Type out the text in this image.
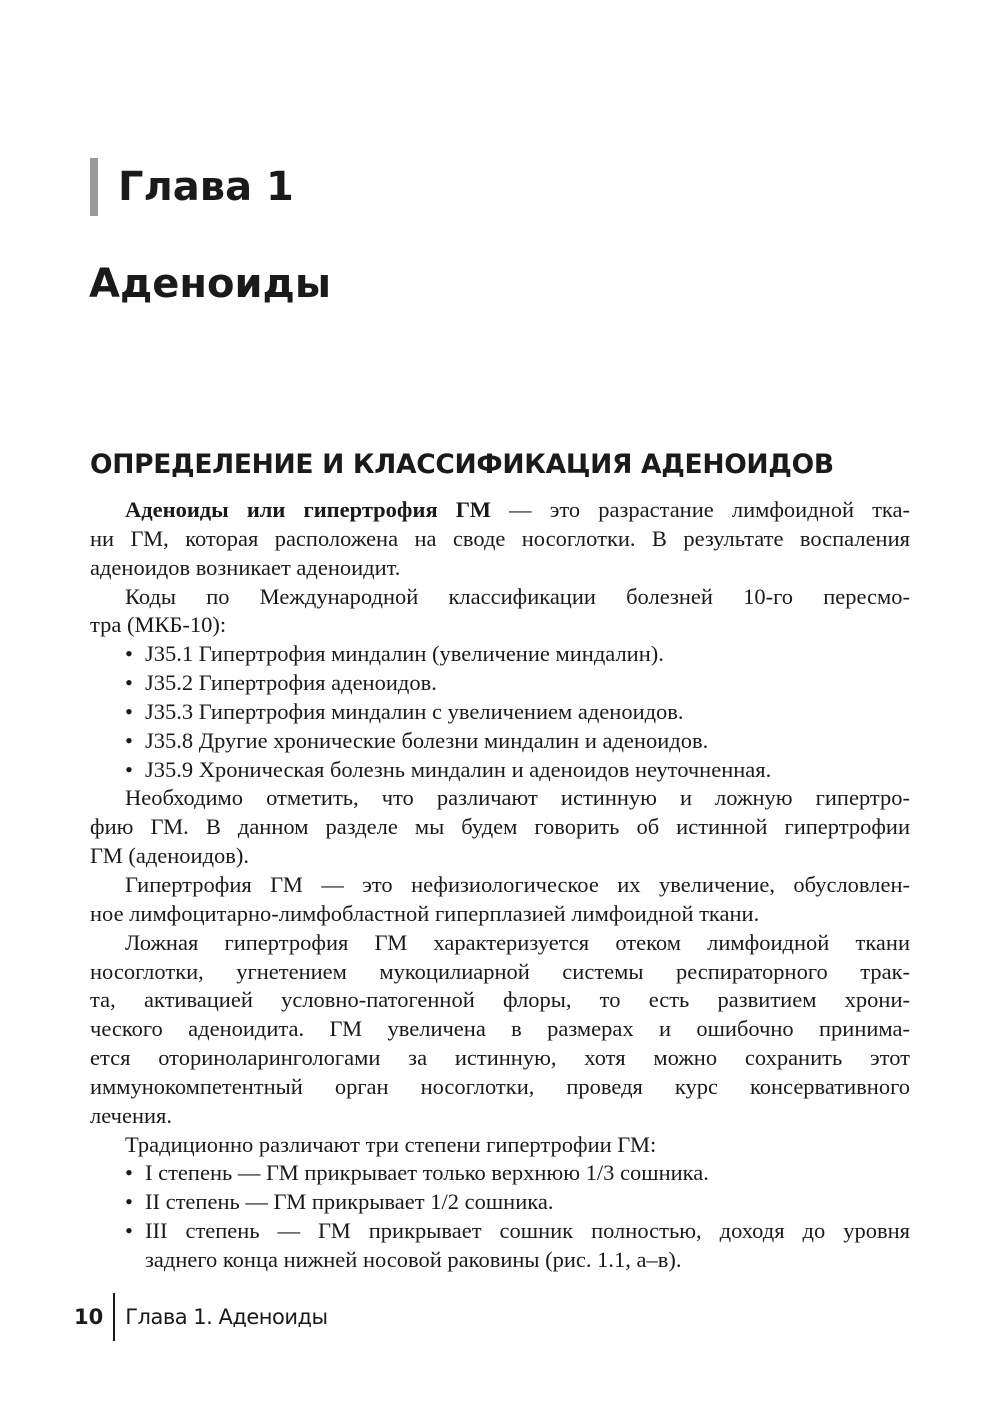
Глава 1
Аденоиды
ОПРЕДЕЛЕНИЕ И КЛАССИФИКАЦИЯ АДЕНОИДОВ
Аденоиды или гипертрофия ГМ — это разрастание лимфоидной тка-
ни ГМ, которая расположена на своде носоглотки. В результате воспаления
аденоидов возникает аденоидит.
Коды по Международной классификации болезней 10-го пересмо-
тра (МКБ-10):
• J35.1 Гипертрофия миндалин (увеличение миндалин).
• J35.2 Гипертрофия аденоидов.
• J35.3 Гипертрофия миндалин с увеличением аденоидов.
• J35.8 Другие хронические болезни миндалин и аденоидов.
• J35.9 Хроническая болезнь миндалин и аденоидов неуточненная.
Необходимо отметить, что различают истинную и ложную гипертро-
фию ГМ. В данном разделе мы будем говорить об истинной гипертрофии
ГМ (аденоидов).
Гипертрофия ГМ — это нефизиологическое их увеличение, обусловлен-
ное лимфоцитарно-лимфобластной гиперплазией лимфоидной ткани.
Ложная гипертрофия ГМ характеризуется отеком лимфоидной ткани
носоглотки, угнетением мукоцилиарной системы респираторного трак-
та, активацией условно-патогенной флоры, то есть развитием хрони-
ческого аденоидита. ГМ увеличена в размерах и ошибочно принима-
ется оториноларингологами за истинную, хотя можно сохранить этот
иммунокомпетентный орган носоглотки, проведя курс консервативного
лечения.
Традиционно различают три степени гипертрофии ГМ:
• I степень — ГМ прикрывает только верхнюю 1/3 сошника.
• II степень — ГМ прикрывает 1/2 сошника.
• III степень — ГМ прикрывает сошник полностью, доходя до уровня
заднего конца нижней носовой раковины (рис. 1.1, а–в).
10	Глава 1. Аденоиды
